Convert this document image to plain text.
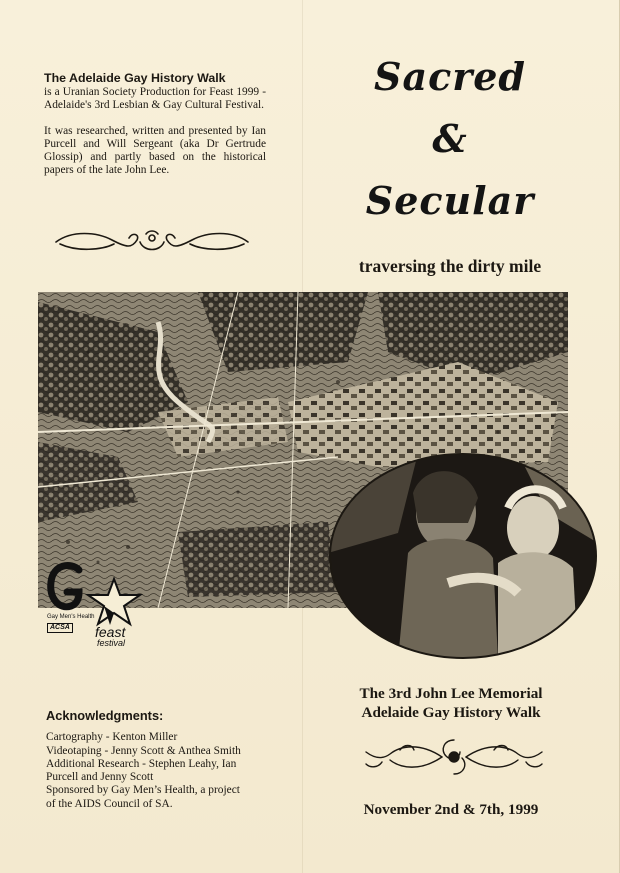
The Adelaide Gay History Walk
is a Uranian Society Production for Feast 1999 - Adelaide's 3rd Lesbian & Gay Cultural Festival.

It was researched, written and presented by Ian Purcell and Will Sergeant (aka Dr Gertrude Glossip) and partly based on the historical papers of the late John Lee.

Sacred
&
Secular
traversing the dirty mile
Gay Men's Health
ACSA feast
festival
The 3rd John Lee Memorial
Adelaide Gay History Walk
November 2nd & 7th, 1999
Acknowledgments:
Cartography - Kenton Miller
Videotaping - Jenny Scott & Anthea Smith
Additional Research - Stephen Leahy, Ian
Purcell and Jenny Scott
Sponsored by Gay Men’s Health, a project
of the AIDS Council of SA.
